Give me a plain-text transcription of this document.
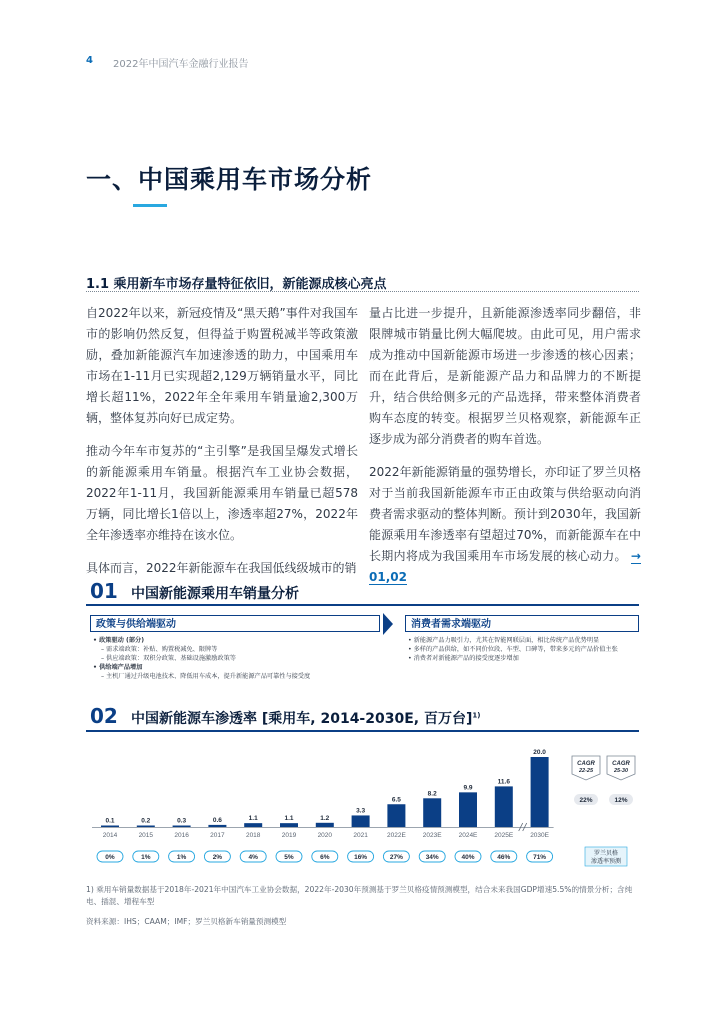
4 2022年中国汽车金融行业报告
一、中国乘用车市场分析
1.1 乘用新车市场存量特征依旧，新能源成核心亮点

自2022年以来，新冠疫情及“黑天鹅”事件对我国车市的影响仍然反复，但得益于购置税减半等政策激励，叠加新能源汽车加速渗透的助力，中国乘用车市场在1-11月已实现超2,129万辆销量水平，同比增长超11%，2022年全年乘用车销量逾2,300万辆，整体复苏向好已成定势。

推动今年车市复苏的“主引擎”是我国呈爆发式增长的新能源乘用车销量。根据汽车工业协会数据，2022年1-11月，我国新能源乘用车销量已超578万辆，同比增长1倍以上，渗透率超27%，2022年全年渗透率亦维持在该水位。

具体而言，2022年新能源车在我国低线级城市的销

量占比进一步提升，且新能源渗透率同步翻倍，非限牌城市销量比例大幅爬坡。由此可见，用户需求成为推动中国新能源市场进一步渗透的核心因素；而在此背后，是新能源产品力和品牌力的不断提升，结合供给侧多元的产品选择，带来整体消费者购车态度的转变。根据罗兰贝格观察，新能源车正逐步成为部分消费者的购车首选。

2022年新能源销量的强势增长，亦印证了罗兰贝格对于当前我国新能源车市正由政策与供给驱动向消费者需求驱动的整体判断。预计到2030年，我国新能源乘用车渗透率有望超过70%，而新能源车在中长期内将成为我国乘用车市场发展的核心动力。 → 01,02

01 中国新能源乘用车销量分析
政策与供给端驱动	消费者需求端驱动
• 政策驱动 (部分)
– 需求端政策：补贴、购置税减免、限牌等
– 供应端政策：双积分政策、基础设施激励政策等
• 供给端产品增加
– 主机厂通过升级电池技术、降低用车成本，提升新能源产品可靠性与接受度
• 新能源产品力吸引力，尤其在智能网联层面，相比传统产品优势明显
• 多样的产品供给，如不同价位段、车型、口碑等，带来多元的产品价值主张
• 消费者对新能源产品的接受度逐步增加
02 中国新能源车渗透率 [乘用车, 2014-2030E, 百万台]$^{1)}$
0.1
2014
0%
0.2
2015
1%
0.3
2016
1%
0.6
2017
2%
1.1
2018
4%
1.1
2019
5%
1.2
2020
6%
3.3
2021
16%
6.5
2022E
27%
8.2
2023E
34%
9.9
2024E
40%
11.6
2025E
46%
20.0
2030E
71%
CAGR
22-25
22%
CAGR
25-30
12%
罗兰贝格
渗透率预测
1) 乘用车销量数据基于2018年-2021年中国汽车工业协会数据，2022年-2030年预测基于罗兰贝格疫情预测模型，结合未来我国GDP增速5.5%的情景分析；含纯电、插混、增程车型
资料来源：IHS；CAAM；IMF；罗兰贝格新车销量预测模型
